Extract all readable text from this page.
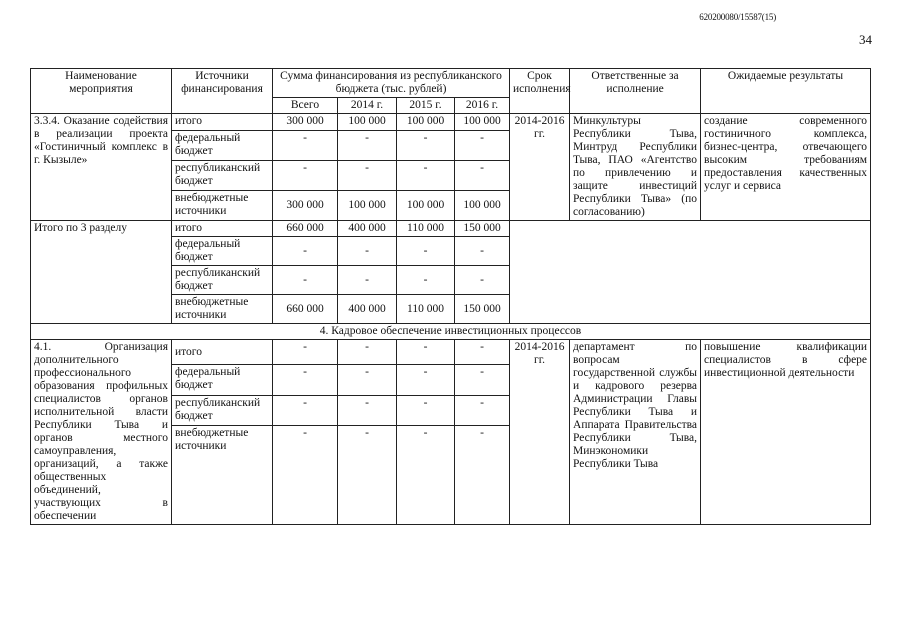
620200080/15587(15)
34
Наименование мероприятия	Источники финансирования	Сумма финансирования из республиканского бюджета (тыс. рублей)				Срок исполнения	Ответственные за исполнение	Ожидаемые результаты
		Всего	2014 г.	2015 г.	2016 г.			
3.3.4. Оказание содействия в реализации проекта «Гостиничный комплекс в г. Кызыле»	итого	300 000	100 000	100 000	100 000	2014-2016 гг.	Минкультуры Республики Тыва, Минтруд Республики Тыва, ПАО «Агентство по привлечению и защите инвестиций Республики Тыва» (по согласованию)	создание современного гостиничного комплекса, бизнес-центра, отвечающего высоким требованиям предоставления качественных услуг и сервиса
	федеральный бюджет	-	-	-	-			
	республиканский бюджет	-	-	-	-			
	внебюджетные источники	300 000	100 000	100 000	100 000			
Итого по 3 разделу	итого	660 000	400 000	110 000	150 000			
	федеральный бюджет	-	-	-	-			
	республиканский бюджет	-	-	-	-			
	внебюджетные источники	660 000	400 000	110 000	150 000			
4. Кадровое обеспечение инвестиционных процессов								
4.1. Организация дополнительного профессионального образования профильных специалистов органов исполнительной власти Республики Тыва и органов местного самоуправления, организаций, а также общественных объединений, участвующих в обеспечении	итого	-	-	-	-	2014-2016 гг.	департамент по вопросам государственной службы и кадрового резерва Администрации Главы Республики Тыва и Аппарата Правительства Республики Тыва, Минэкономики Республики Тыва	повышение квалификации специалистов в сфере инвестиционной деятельности
	федеральный бюджет	-	-	-	-			
	республиканский бюджет	-	-	-	-			
	внебюджетные источники	-	-	-	-			
